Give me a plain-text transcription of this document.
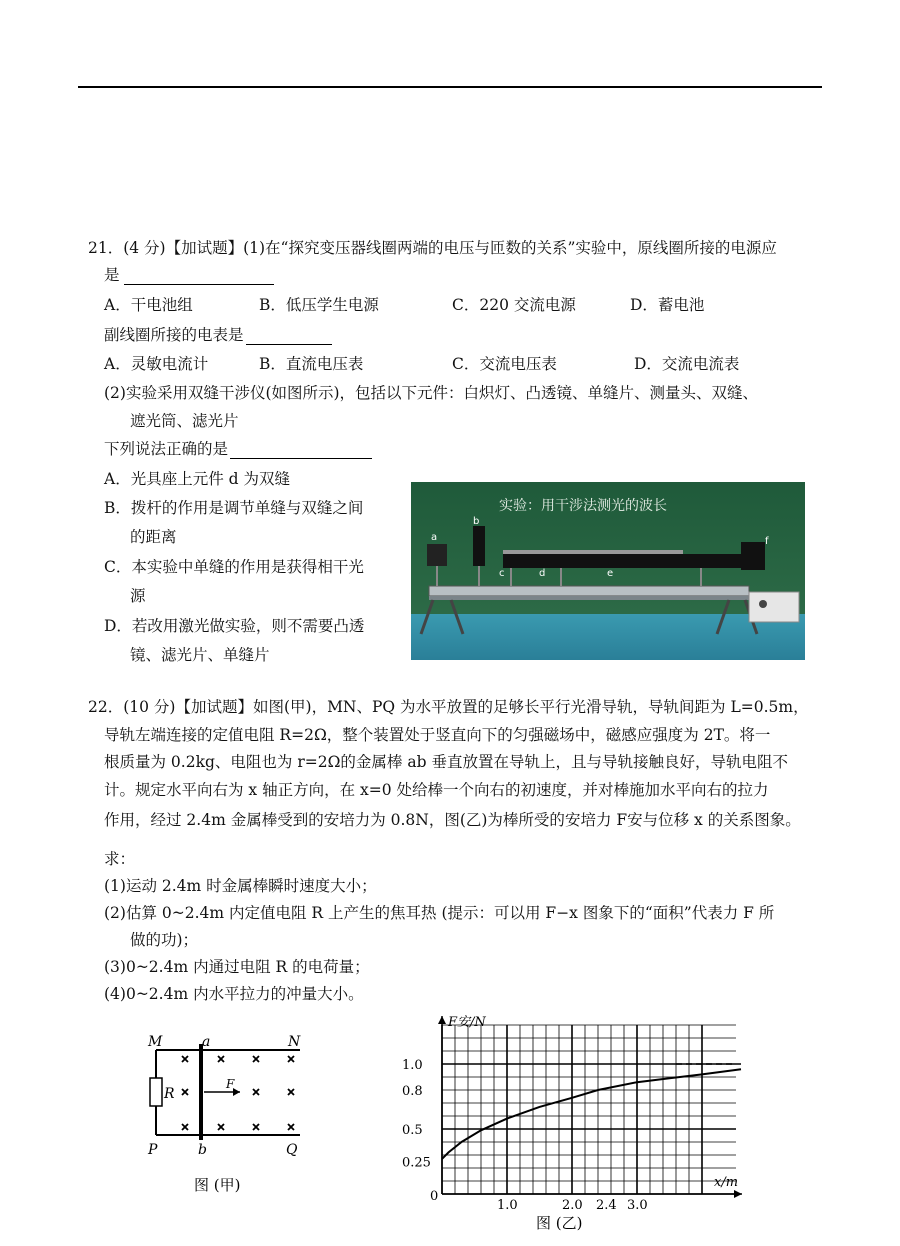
21．(4 分)【加试题】(1)在“探究变压器线圈两端的电压与匝数的关系”实验中，原线圈所接的电源应
是
A．干电池组	B．低压学生电源	C．220 交流电源	D．蓄电池
副线圈所接的电表是
A．灵敏电流计	B．直流电压表	C．交流电压表	D．交流电流表
(2)实验采用双缝干涉仪(如图所示)，包括以下元件：白炽灯、凸透镜、单缝片、测量头、双缝、
遮光筒、滤光片
下列说法正确的是
A．光具座上元件 d 为双缝
B．拨杆的作用是调节单缝与双缝之间
的距离
C．本实验中单缝的作用是获得相干光
源
D．若改用激光做实验，则不需要凸透
镜、滤光片、单缝片
实验：用干涉法测光的波长
a
b
c	d	e
f
22．(10 分)【加试题】如图(甲)，MN、PQ 为水平放置的足够长平行光滑导轨，导轨间距为 L=0.5m，
导轨左端连接的定值电阻 R=2Ω，整个装置处于竖直向下的匀强磁场中，磁感应强度为 2T。将一
根质量为 0.2kg、电阻也为 r=2Ω的金属棒 ab 垂直放置在导轨上，且与导轨接触良好，导轨电阻不
计。规定水平向右为 x 轴正方向，在 x=0 处给棒一个向右的初速度，并对棒施加水平向右的拉力
作用，经过 2.4m 金属棒受到的安培力为 0.8N，图(乙)为棒所受的安培力 F安与位移 x 的关系图象。
求：
(1)运动 2.4m 时金属棒瞬时速度大小；
(2)估算 0~2.4m 内定值电阻 R 上产生的焦耳热 (提示：可以用 F−x 图象下的“面积”代表力 F 所
做的功)；
(3)0~2.4m 内通过电阻 R 的电荷量；
(4)0~2.4m 内水平拉力的冲量大小。
M	a	N
R
F
P	b	Q
图 (甲)
F安/N
x/m
0
1.0	2.0 2.4 3.0
0.25
0.5
0.8
1.0
图 (乙)
